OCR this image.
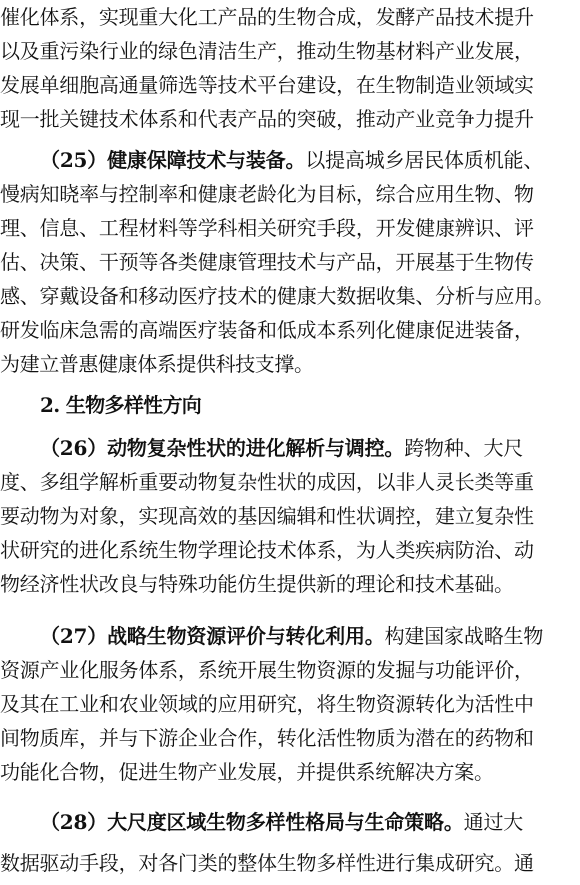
催化体系，实现重大化工产品的生物合成，发酵产品技术提升
以及重污染行业的绿色清洁生产，推动生物基材料产业发展，
发展单细胞高通量筛选等技术平台建设，在生物制造业领域实
现一批关键技术体系和代表产品的突破，推动产业竞争力提升
（25）健康保障技术与装备。以提高城乡居民体质机能、
慢病知晓率与控制率和健康老龄化为目标，综合应用生物、物
理、信息、工程材料等学科相关研究手段，开发健康辨识、评
估、决策、干预等各类健康管理技术与产品，开展基于生物传
感、穿戴设备和移动医疗技术的健康大数据收集、分析与应用。
研发临床急需的高端医疗装备和低成本系列化健康促进装备，
为建立普惠健康体系提供科技支撑。
2. 生物多样性方向
（26）动物复杂性状的进化解析与调控。跨物种、大尺
度、多组学解析重要动物复杂性状的成因，以非人灵长类等重
要动物为对象，实现高效的基因编辑和性状调控，建立复杂性
状研究的进化系统生物学理论技术体系，为人类疾病防治、动
物经济性状改良与特殊功能仿生提供新的理论和技术基础。
（27）战略生物资源评价与转化利用。构建国家战略生物
资源产业化服务体系，系统开展生物资源的发掘与功能评价，
及其在工业和农业领域的应用研究，将生物资源转化为活性中
间物质库，并与下游企业合作，转化活性物质为潜在的药物和
功能化合物，促进生物产业发展，并提供系统解决方案。
（28）大尺度区域生物多样性格局与生命策略。通过大
数据驱动手段，对各门类的整体生物多样性进行集成研究。通
